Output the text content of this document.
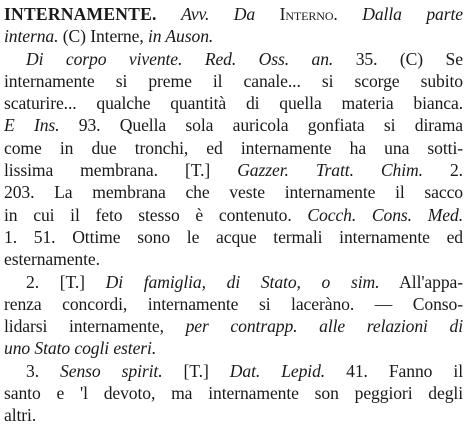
INTERNAMENTE. Avv. Da Interno. Dalla parte
interna. (C) Interne, in Auson.
Di corpo vivente. Red. Oss. an. 35. (C) Se
internamente si preme il canale... si scorge subito
scaturire... qualche quantità di quella materia bianca.
E Ins. 93. Quella sola auricola gonfiata si dirama
come in due tronchi, ed internamente ha una sotti-
lissima membrana. [T.] Gazzer. Tratt. Chim. 2.
203. La membrana che veste internamente il sacco
in cui il feto stesso è contenuto. Cocch. Cons. Med.
1. 51. Ottime sono le acque termali internamente ed
esternamente.
2. [T.] Di famiglia, di Stato, o sim. All'appa-
renza concordi, internamente si laceràno. — Conso-
lidarsi internamente, per contrapp. alle relazioni di
uno Stato cogli esteri.
3. Senso spirit. [T.] Dat. Lepid. 41. Fanno il
santo e 'l devoto, ma internamente son peggiori degli
altri.
